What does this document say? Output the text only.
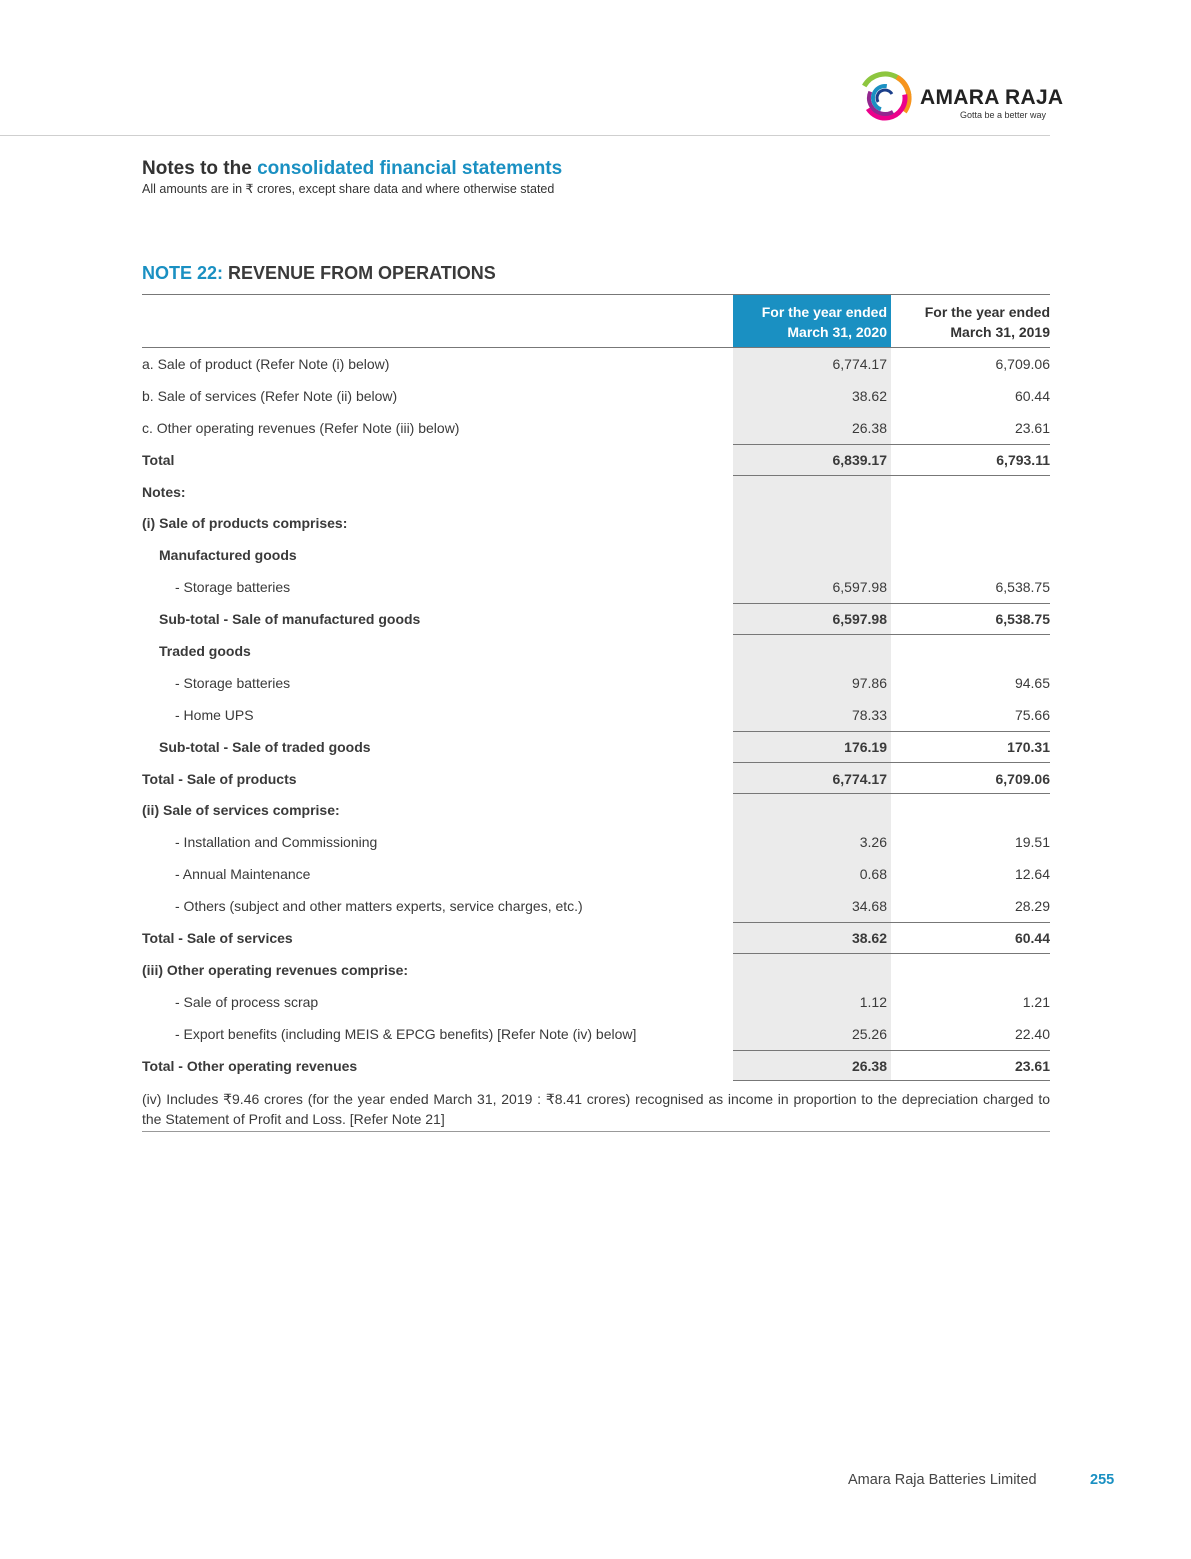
AMARA RAJA
Gotta be a better way
Notes to the consolidated financial statements
All amounts are in ₹ crores, except share data and where otherwise stated
NOTE 22: REVENUE FROM OPERATIONS
For the year ended
March 31, 2020
For the year ended
March 31, 2019
a. Sale of product (Refer Note (i) below)	6,774.17	6,709.06
b. Sale of services (Refer Note (ii) below)	38.62	60.44
c. Other operating revenues (Refer Note (iii) below)	26.38	23.61
Total	6,839.17	6,793.11
Notes:
(i) Sale of products comprises:
Manufactured goods
- Storage batteries	6,597.98	6,538.75
Sub-total - Sale of manufactured goods	6,597.98	6,538.75
Traded goods
- Storage batteries	97.86	94.65
- Home UPS	78.33	75.66
Sub-total - Sale of traded goods	176.19	170.31
Total - Sale of products	6,774.17	6,709.06
(ii) Sale of services comprise:
- Installation and Commissioning	3.26	19.51
- Annual Maintenance	0.68	12.64
- Others (subject and other matters experts, service charges, etc.)	34.68	28.29
Total - Sale of services	38.62	60.44
(iii) Other operating revenues comprise:
- Sale of process scrap	1.12	1.21
- Export benefits (including MEIS & EPCG benefits) [Refer Note (iv) below]	25.26	22.40
Total - Other operating revenues	26.38	23.61
(iv) Includes ₹9.46 crores (for the year ended March 31, 2019 : ₹8.41 crores) recognised as income in proportion to the depreciation charged to the Statement of Profit and Loss. [Refer Note 21]
Amara Raja Batteries Limited	255
